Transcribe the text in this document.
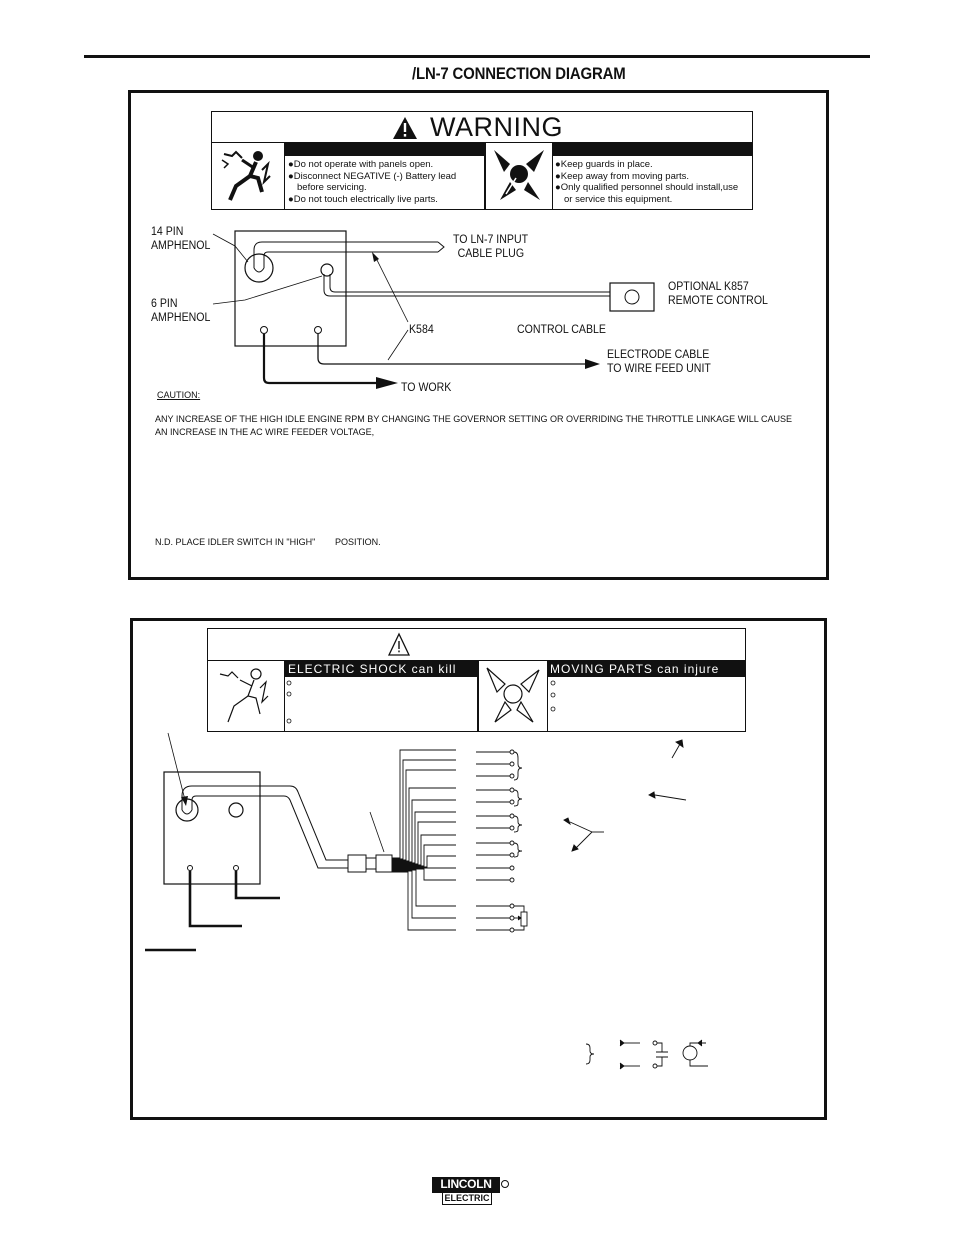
/LN-7 CONNECTION DIAGRAM
WARNING
●Do not operate with panels open.
●Disconnect NEGATIVE (-) Battery lead
before servicing.
●Do not touch electrically live parts.
●Keep guards in place.
●Keep away from moving parts.
●Only qualified personnel should install,use
or service this equipment.
14 PIN
AMPHENOL
6 PIN
AMPHENOL
TO LN-7 INPUT
CABLE PLUG
OPTIONAL K857
REMOTE CONTROL
K584	CONTROL CABLE
ELECTRODE CABLE
TO WIRE FEED UNIT
TO WORK
CAUTION:
ANY INCREASE OF THE HIGH IDLE ENGINE RPM BY CHANGING THE GOVERNOR SETTING OR OVERRIDING THE THROTTLE LINKAGE WILL CAUSE
AN INCREASE IN THE AC WIRE FEEDER VOLTAGE,
N.D. PLACE IDLER SWITCH IN "HIGH" POSITION.
ELECTRIC SHOCK can kill	MOVING PARTS can injure
LINCOLN
ELECTRIC
